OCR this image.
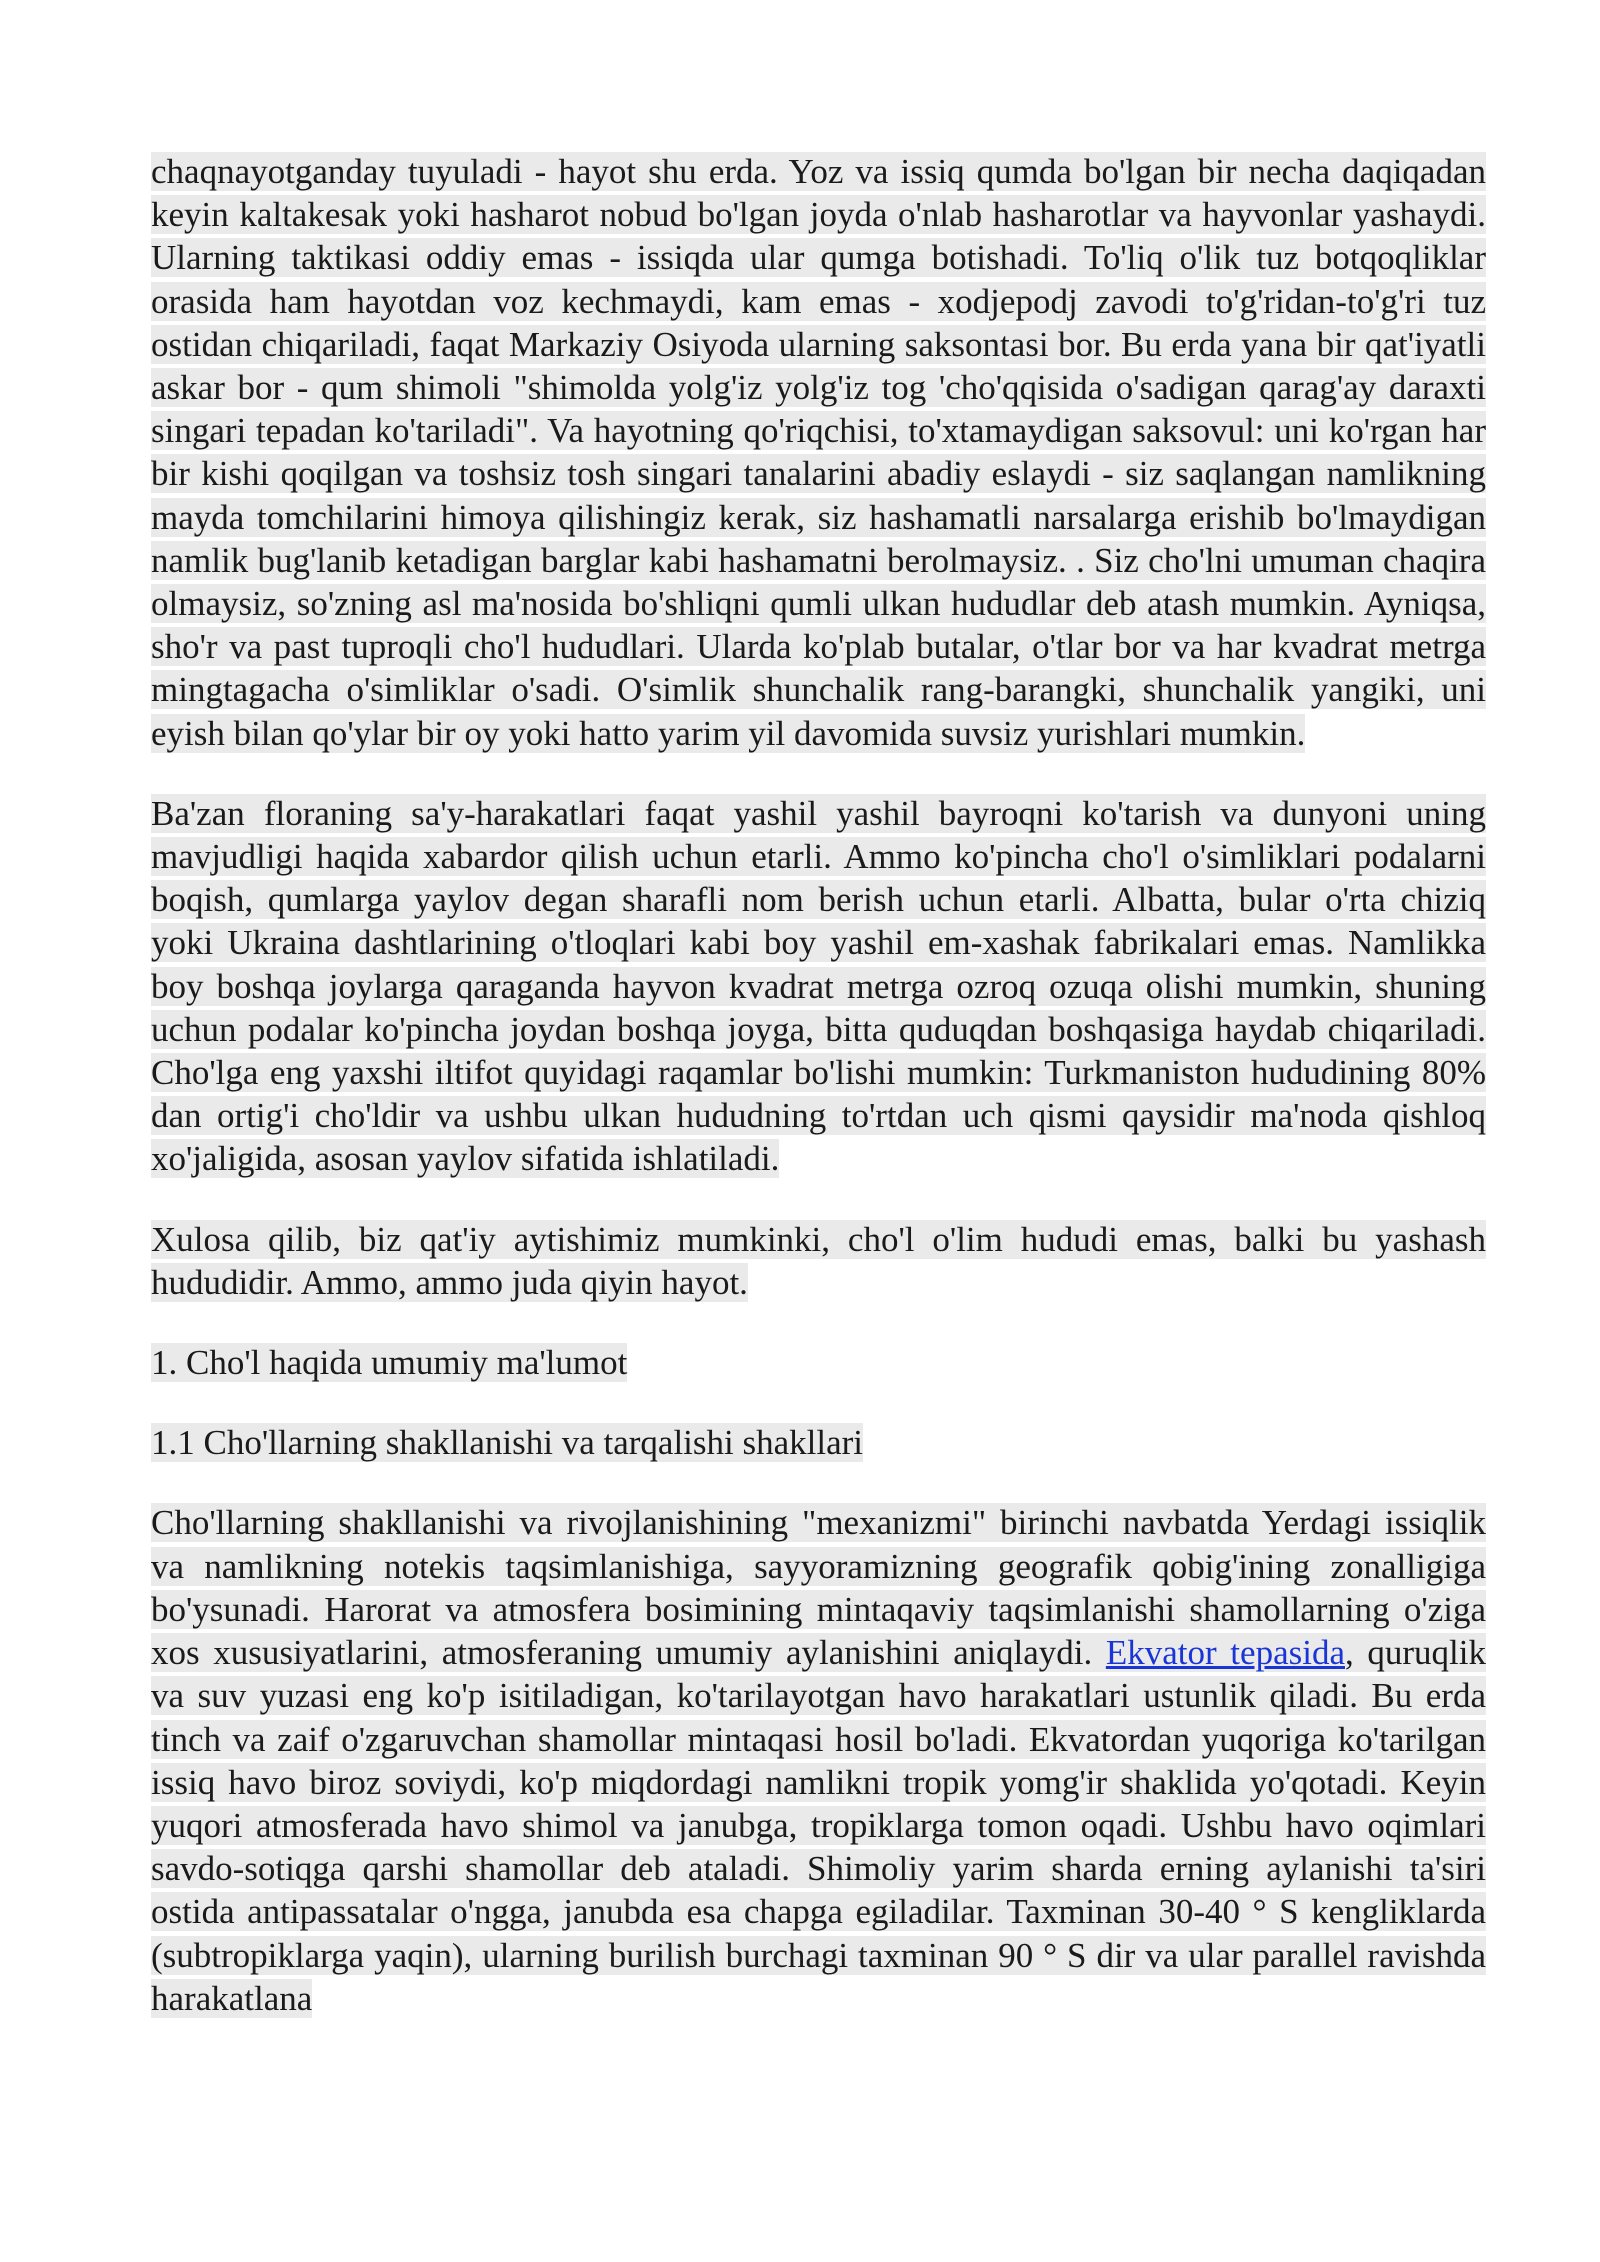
chaqnayotganday tuyuladi - hayot shu erda. Yoz va issiq qumda bo'lgan bir necha daqiqadan keyin kaltakesak yoki hasharot nobud bo'lgan joyda o'nlab hasharotlar va hayvonlar yashaydi. Ularning taktikasi oddiy emas - issiqda ular qumga botishadi. To'liq o'lik tuz botqoqliklar orasida ham hayotdan voz kechmaydi, kam emas - xodjepodj zavodi to'g'ridan-to'g'ri tuz ostidan chiqariladi, faqat Markaziy Osiyoda ularning saksontasi bor. Bu erda yana bir qat'iyatli askar bor - qum shimoli "shimolda yolg'iz yolg'iz tog 'cho'qqisida o'sadigan qarag'ay daraxti singari tepadan ko'tariladi". Va hayotning qo'riqchisi, to'xtamaydigan saksovul: uni ko'rgan har bir kishi qoqilgan va toshsiz tosh singari tanalarini abadiy eslaydi - siz saqlangan namlikning mayda tomchilarini himoya qilishingiz kerak, siz hashamatli narsalarga erishib bo'lmaydigan namlik bug'lanib ketadigan barglar kabi hashamatni berolmaysiz. . Siz cho'lni umuman chaqira olmaysiz, so'zning asl ma'nosida bo'shliqni qumli ulkan hududlar deb atash mumkin. Ayniqsa, sho'r va past tuproqli cho'l hududlari. Ularda ko'plab butalar, o'tlar bor va har kvadrat metrga mingtagacha o'simliklar o'sadi. O'simlik shunchalik rang-barangki, shunchalik yangiki, uni eyish bilan qo'ylar bir oy yoki hatto yarim yil davomida suvsiz yurishlari mumkin.

Ba'zan floraning sa'y-harakatlari faqat yashil yashil bayroqni ko'tarish va dunyoni uning mavjudligi haqida xabardor qilish uchun etarli. Ammo ko'pincha cho'l o'simliklari podalarni boqish, qumlarga yaylov degan sharafli nom berish uchun etarli. Albatta, bular o'rta chiziq yoki Ukraina dashtlarining o'tloqlari kabi boy yashil em-xashak fabrikalari emas. Namlikka boy boshqa joylarga qaraganda hayvon kvadrat metrga ozroq ozuqa olishi mumkin, shuning uchun podalar ko'pincha joydan boshqa joyga, bitta quduqdan boshqasiga haydab chiqariladi. Cho'lga eng yaxshi iltifot quyidagi raqamlar bo'lishi mumkin: Turkmaniston hududining 80% dan ortig'i cho'ldir va ushbu ulkan hududning to'rtdan uch qismi qaysidir ma'noda qishloq xo'jaligida, asosan yaylov sifatida ishlatiladi.

Xulosa qilib, biz qat'iy aytishimiz mumkinki, cho'l o'lim hududi emas, balki bu yashash hududidir. Ammo, ammo juda qiyin hayot.

1. Cho'l haqida umumiy ma'lumot

1.1 Cho'llarning shakllanishi va tarqalishi shakllari

Cho'llarning shakllanishi va rivojlanishining "mexanizmi" birinchi navbatda Yerdagi issiqlik va namlikning notekis taqsimlanishiga, sayyoramizning geografik qobig'ining zonalligiga bo'ysunadi. Harorat va atmosfera bosimining mintaqaviy taqsimlanishi shamollarning o'ziga xos xususiyatlarini, atmosferaning umumiy aylanishini aniqlaydi. Ekvator tepasida, quruqlik va suv yuzasi eng ko'p isitiladigan, ko'tarilayotgan havo harakatlari ustunlik qiladi. Bu erda tinch va zaif o'zgaruvchan shamollar mintaqasi hosil bo'ladi. Ekvatordan yuqoriga ko'tarilgan issiq havo biroz soviydi, ko'p miqdordagi namlikni tropik yomg'ir shaklida yo'qotadi. Keyin yuqori atmosferada havo shimol va janubga, tropiklarga tomon oqadi. Ushbu havo oqimlari savdo-sotiqga qarshi shamollar deb ataladi. Shimoliy yarim sharda erning aylanishi ta'siri ostida antipassatalar o'ngga, janubda esa chapga egiladilar. Taxminan 30-40 ° S kengliklarda (subtropiklarga yaqin), ularning burilish burchagi taxminan 90 ° S dir va ular parallel ravishda harakatlana
